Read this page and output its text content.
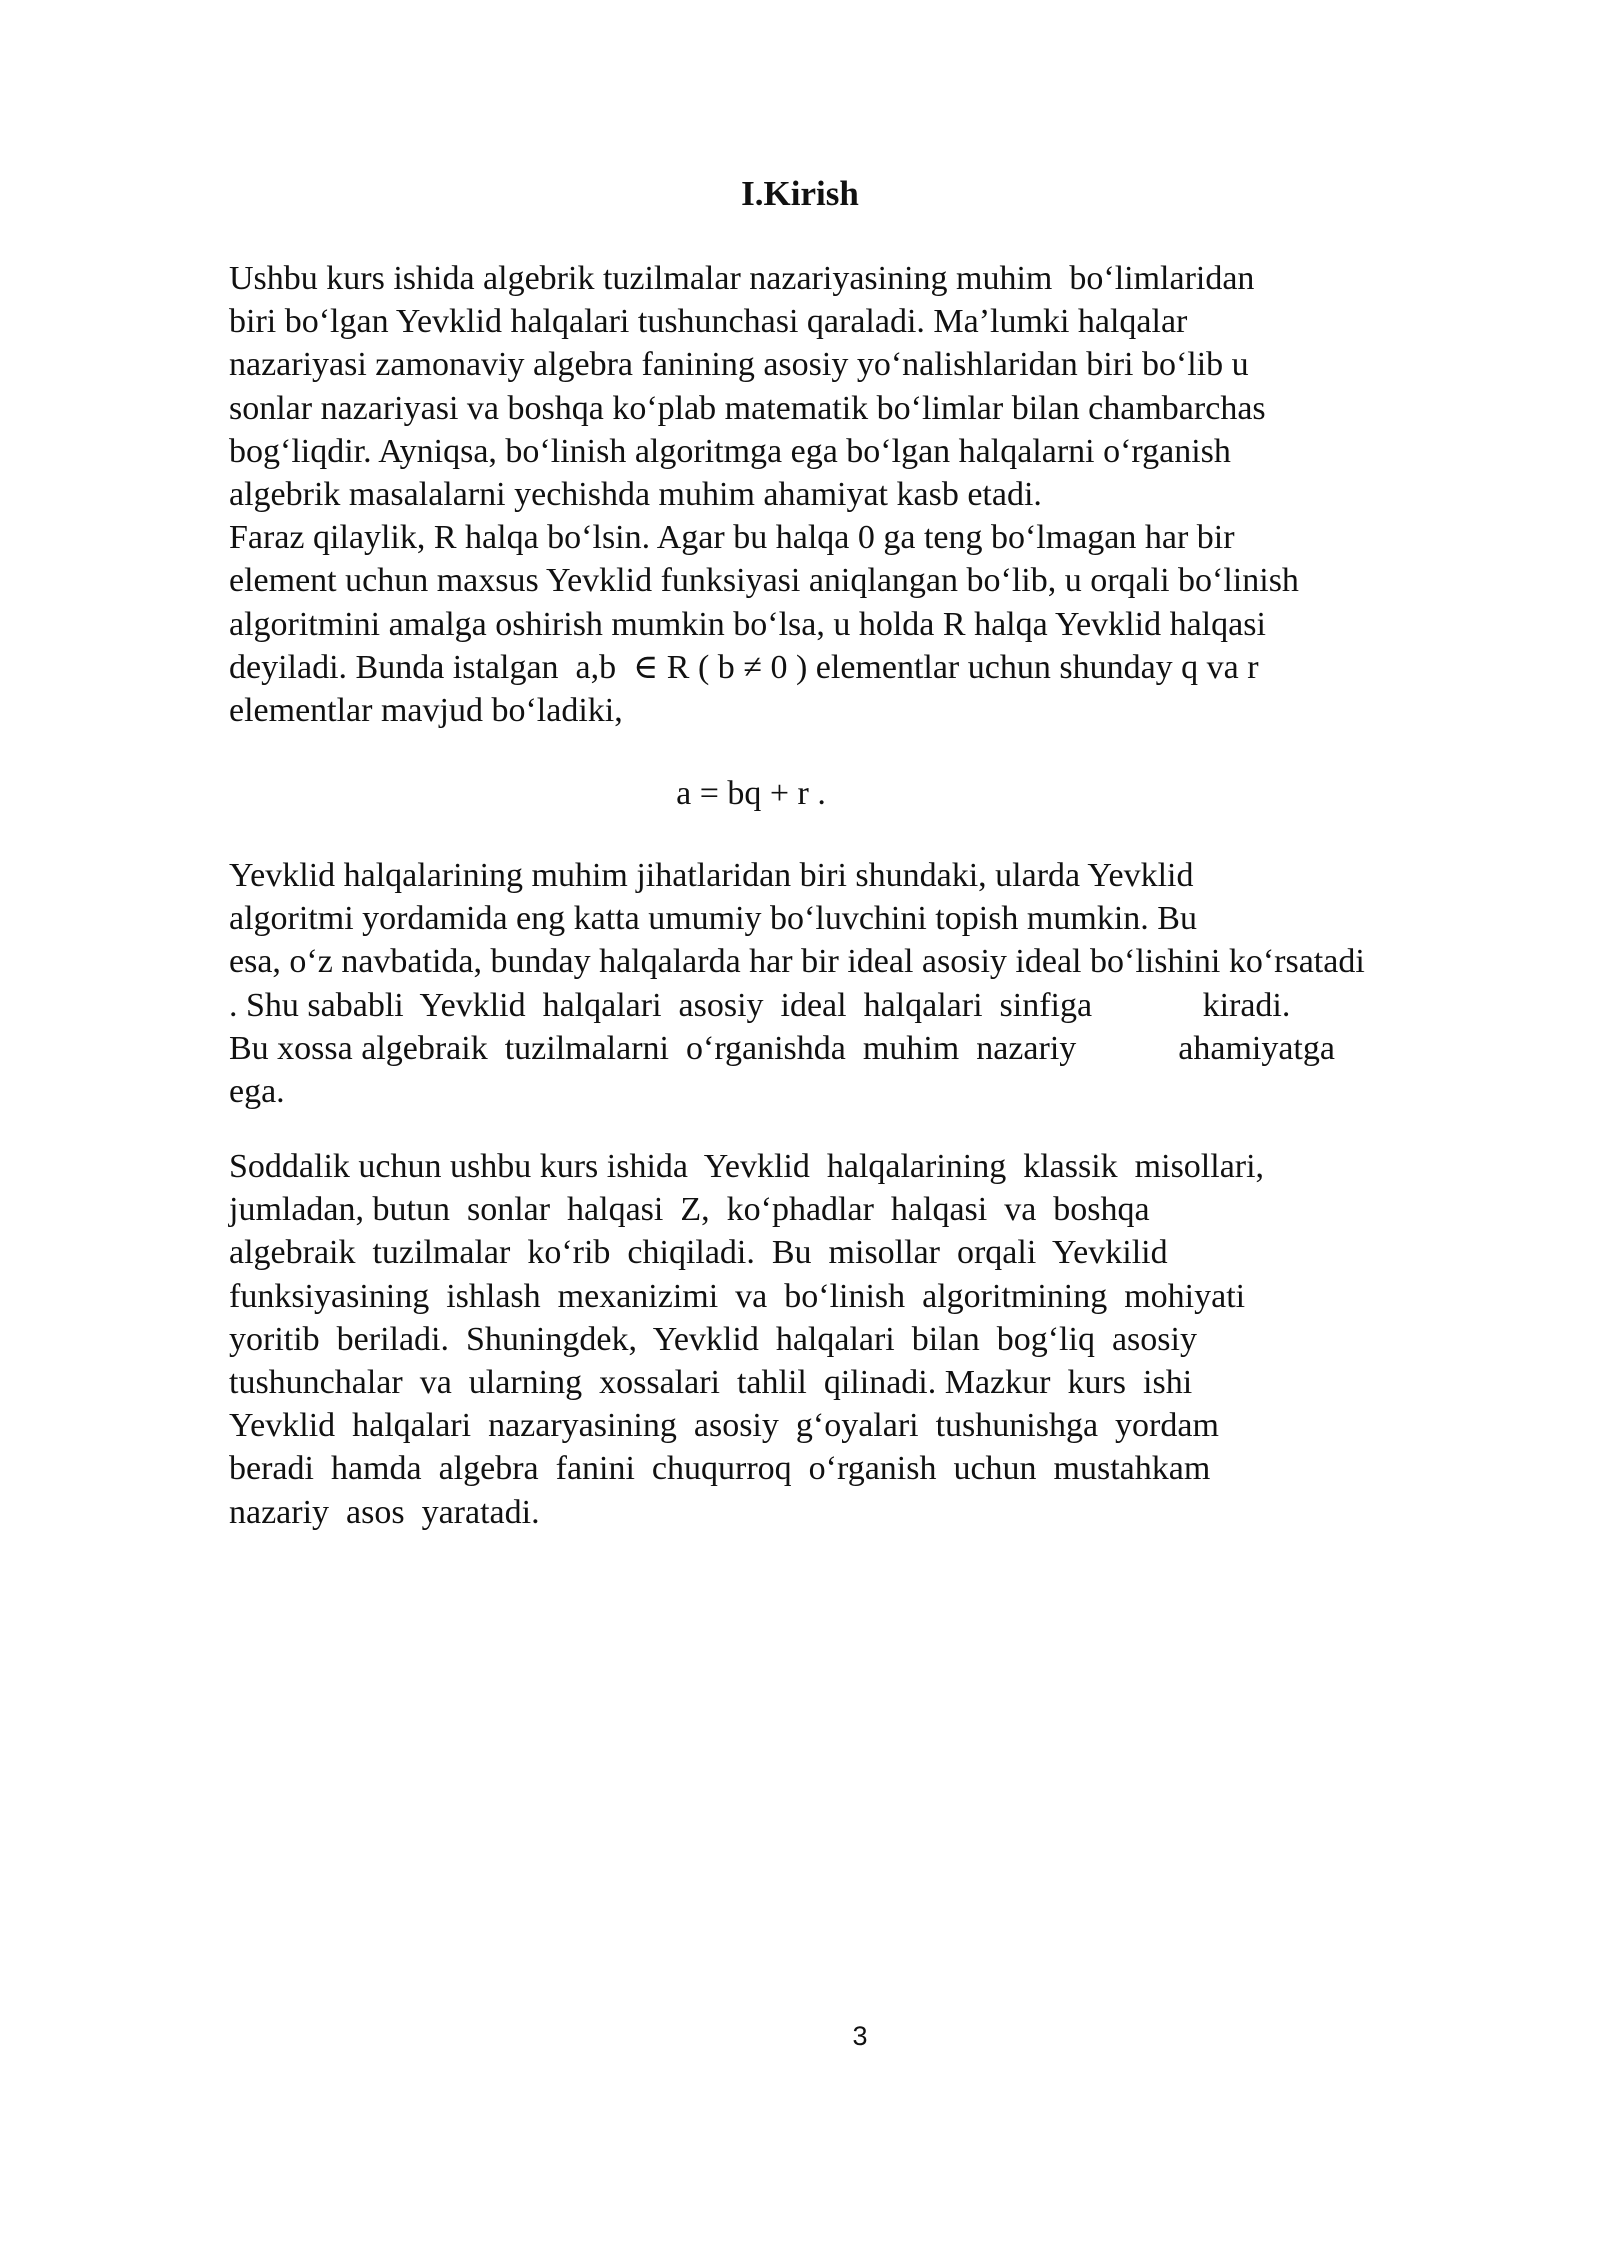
I.Kirish
Ushbu kurs ishida algebrik tuzilmalar nazariyasining muhim  boʻlimlaridan
biri boʻlgan Yevklid halqalari tushunchasi qaraladi. Ma’lumki halqalar
nazariyasi zamonaviy algebra fanining asosiy yoʻnalishlaridan biri boʻlib u
sonlar nazariyasi va boshqa koʻplab matematik boʻlimlar bilan chambarchas
bogʻliqdir. Ayniqsa, boʻlinish algoritmga ega boʻlgan halqalarni oʻrganish
algebrik masalalarni yechishda muhim ahamiyat kasb etadi.
Faraz qilaylik, R halqa boʻlsin. Agar bu halqa 0 ga teng boʻlmagan har bir
element uchun maxsus Yevklid funksiyasi aniqlangan boʻlib, u orqali boʻlinish
algoritmini amalga oshirish mumkin boʻlsa, u holda R halqa Yevklid halqasi
deyiladi. Bunda istalgan  a,b  ∈ R ( b ≠ 0 ) elementlar uchun shunday q va r
elementlar mavjud boʻladiki,
a = bq + r .
Yevklid halqalarining muhim jihatlaridan biri shundaki, ularda Yevklid
algoritmi yordamida eng katta umumiy boʻluvchini topish mumkin. Bu
esa, oʻz navbatida, bunday halqalarda har bir ideal asosiy ideal boʻlishini koʻrsatadi
. Shu sababli  Yevklid  halqalari  asosiy  ideal  halqalari  sinfiga             kiradi.
Bu xossa algebraik  tuzilmalarni  oʻrganishda  muhim  nazariy            ahamiyatga
ega.
Soddalik uchun ushbu kurs ishida  Yevklid  halqalarining  klassik  misollari,
jumladan, butun  sonlar  halqasi  Z,  koʻphadlar  halqasi  va  boshqa
algebraik  tuzilmalar  koʻrib  chiqiladi.  Bu  misollar  orqali  Yevkilid
funksiyasining  ishlash  mexanizimi  va  boʻlinish  algoritmining  mohiyati
yoritib  beriladi.  Shuningdek,  Yevklid  halqalari  bilan  bogʻliq  asosiy
tushunchalar  va  ularning  xossalari  tahlil  qilinadi. Mazkur  kurs  ishi
Yevklid  halqalari  nazaryasining  asosiy  gʻoyalari  tushunishga  yordam
beradi  hamda  algebra  fanini  chuqurroq  oʻrganish  uchun  mustahkam
nazariy  asos  yaratadi.
3
